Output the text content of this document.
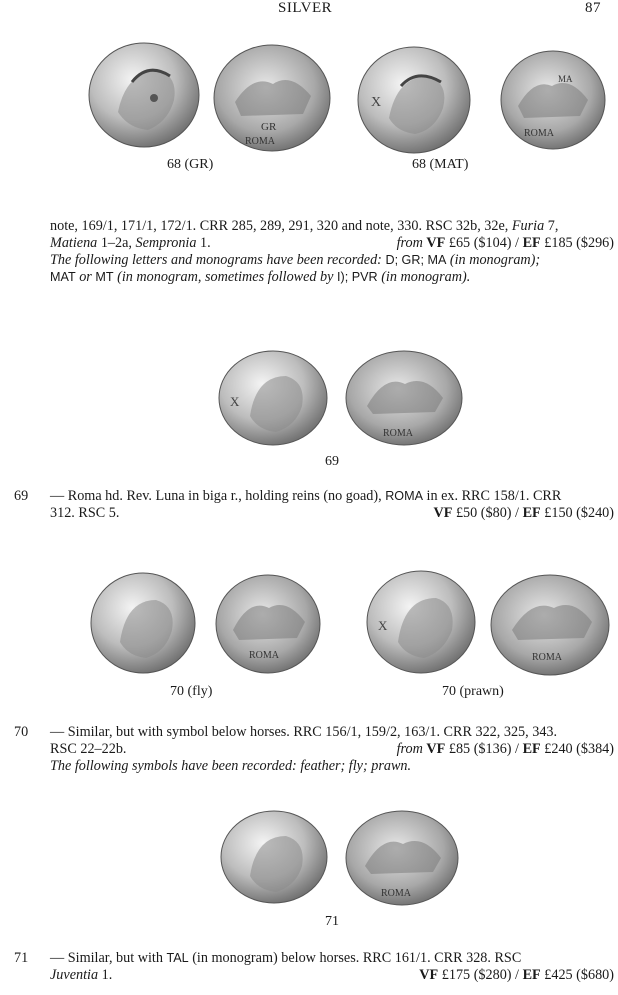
SILVER	87
GR
ROMA
X
MA
ROMA
68 (GR)	68 (MAT)
note, 169/1, 171/1, 172/1. CRR 285, 289, 291, 320 and note, 330. RSC 32b, 32e, Furia 7,
Matiena 1–2a, Sempronia 1.	from VF £65 ($104) / EF £185 ($296)
The following letters and monograms have been recorded: D; GR; MA (in monogram);
MAT or MT (in monogram, sometimes followed by I); PVR (in monogram).
X
ROMA
69
69 — Roma hd. Rev. Luna in biga r., holding reins (no goad), ROMA in ex. RRC 158/1. CRR
312. RSC 5.	VF £50 ($80) / EF £150 ($240)
ROMA
X
ROMA
70 (fly)	70 (prawn)
70 — Similar, but with symbol below horses. RRC 156/1, 159/2, 163/1. CRR 322, 325, 343.
RSC 22–22b.	from VF £85 ($136) / EF £240 ($384)
The following symbols have been recorded: feather; fly; prawn.
ROMA
71
71 — Similar, but with TAL (in monogram) below horses. RRC 161/1. CRR 328. RSC
Juventia 1.	VF £175 ($280) / EF £425 ($680)
